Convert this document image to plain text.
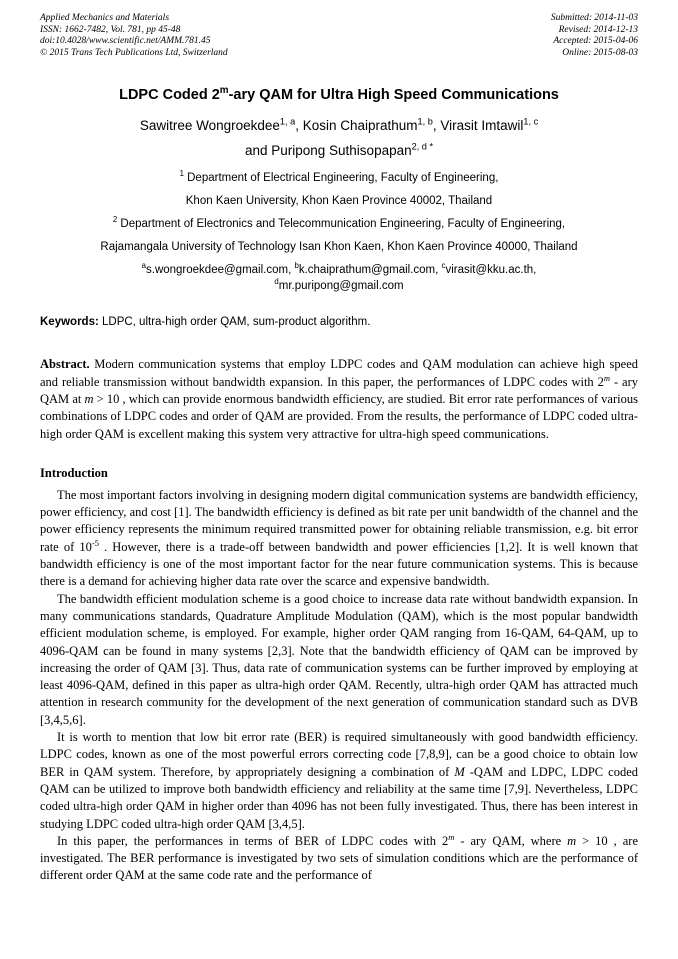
Applied Mechanics and Materials
ISSN: 1662-7482, Vol. 781, pp 45-48
doi:10.4028/www.scientific.net/AMM.781.45
© 2015 Trans Tech Publications Ltd, Switzerland
Submitted: 2014-11-03
Revised: 2014-12-13
Accepted: 2015-04-06
Online: 2015-08-03
LDPC Coded 2$^m$-ary QAM for Ultra High Speed Communications
Sawitree Wongroekdee$^{1, a}$, Kosin Chaiprathum$^{1, b}$, Virasit Imtawil$^{1, c}$
and Puripong Suthisopapan$^{2, d *}$
$^1$ Department of Electrical Engineering, Faculty of Engineering,
Khon Kaen University, Khon Kaen Province 40002, Thailand
$^2$ Department of Electronics and Telecommunication Engineering, Faculty of Engineering,
Rajamangala University of Technology Isan Khon Kaen, Khon Kaen Province 40000, Thailand
$^a$s.wongroekdee@gmail.com, $^b$k.chaiprathum@gmail.com, $^c$virasit@kku.ac.th,
$^d$mr.puripong@gmail.com
Keywords: LDPC, ultra-high order QAM, sum-product algorithm.

Abstract. Modern communication systems that employ LDPC codes and QAM modulation can achieve high speed and reliable transmission without bandwidth expansion. In this paper, the performances of LDPC codes with 2$^m$ - ary QAM at m > 10 , which can provide enormous bandwidth efficiency, are studied. Bit error rate performances of various combinations of LDPC codes and order of QAM are provided. From the results, the performance of LDPC coded ultra-high order QAM is excellent making this system very attractive for ultra-high speed communications.

Introduction

The most important factors involving in designing modern digital communication systems are bandwidth efficiency, power efficiency, and cost [1]. The bandwidth efficiency is defined as bit rate per unit bandwidth of the channel and the power efficiency represents the minimum required transmitted power for obtaining reliable transmission, e.g. bit error rate of $10^{-5}$ . However, there is a trade-off between bandwidth and power efficiencies [1,2]. It is well known that bandwidth efficiency is one of the most important factor for the near future communication systems. This is because there is a demand for achieving higher data rate over the scarce and expensive bandwidth.

The bandwidth efficient modulation scheme is a good choice to increase data rate without bandwidth expansion. In many communications standards, Quadrature Amplitude Modulation (QAM), which is the most popular bandwidth efficient modulation scheme, is employed. For example, higher order QAM ranging from 16-QAM, 64-QAM, up to 4096-QAM can be found in many systems [2,3]. Note that the bandwidth efficiency of QAM can be improved by increasing the order of QAM [3]. Thus, data rate of communication systems can be further improved by employing at least 4096-QAM, defined in this paper as ultra-high order QAM. Recently, ultra-high order QAM has attracted much attention in research community for the development of the next generation of communication standard such as DVB [3,4,5,6].

It is worth to mention that low bit error rate (BER) is required simultaneously with good bandwidth efficiency. LDPC codes, known as one of the most powerful errors correcting code [7,8,9], can be a good choice to obtain low BER in QAM system. Therefore, by appropriately designing a combination of M -QAM and LDPC, LDPC coded QAM can be utilized to improve both bandwidth efficiency and reliability at the same time [7,9]. Nevertheless, LDPC coded ultra-high order QAM in higher order than 4096 has not been fully investigated. Thus, there has been interest in studying LDPC coded ultra-high order QAM [3,4,5].

In this paper, the performances in terms of BER of LDPC codes with 2$^m$ - ary QAM, where m > 10 , are investigated. The BER performance is investigated by two sets of simulation conditions which are the performance of different order QAM at the same code rate and the performance of
